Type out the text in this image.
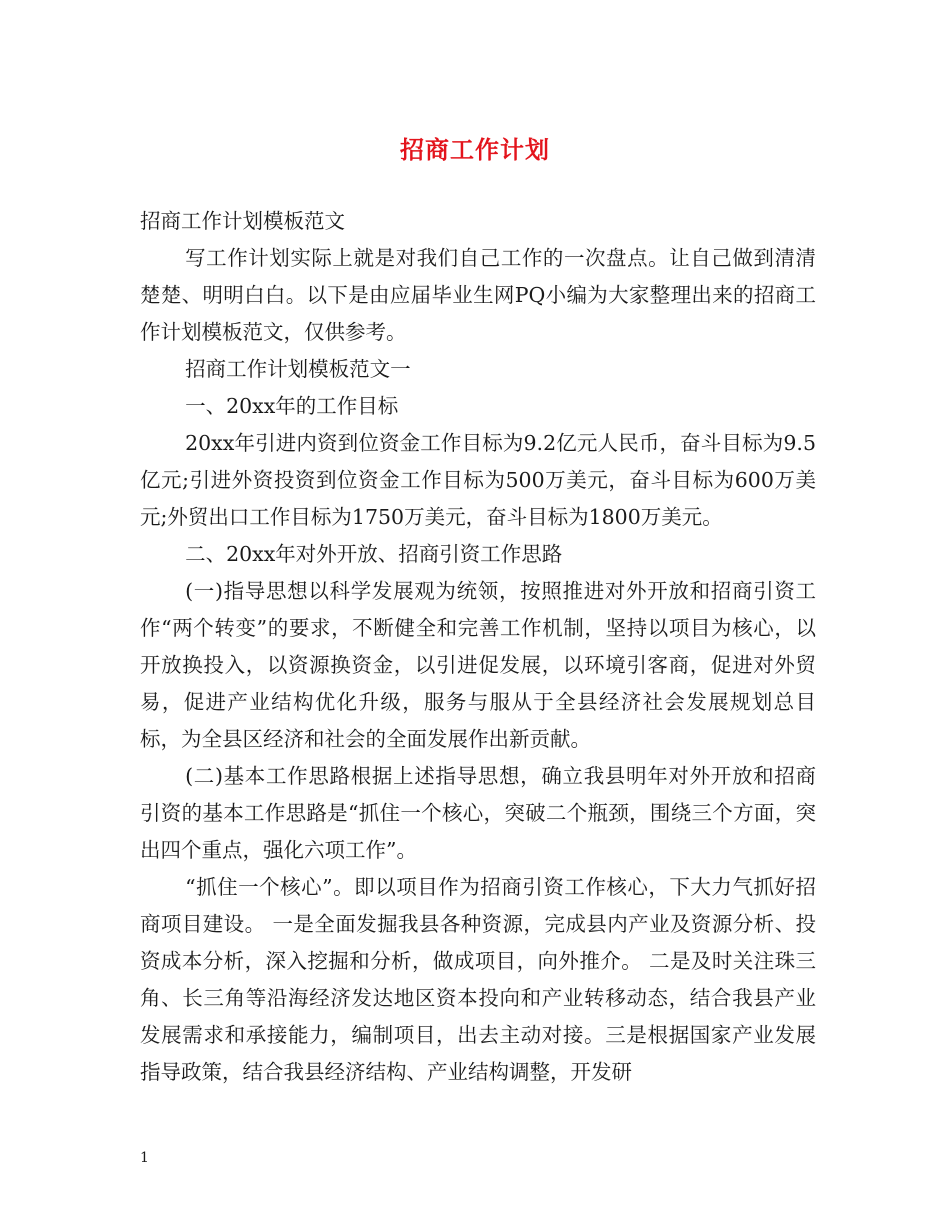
招商工作计划

招商工作计划模板范文

写工作计划实际上就是对我们自己工作的一次盘点。让自己做到清清楚楚、明明白白。以下是由应届毕业生网PQ小编为大家整理出来的招商工作计划模板范文，仅供参考。

招商工作计划模板范文一

一、20xx年的工作目标

20xx年引进内资到位资金工作目标为9.2亿元人民币，奋斗目标为9.5亿元;引进外资投资到位资金工作目标为500万美元，奋斗目标为600万美元;外贸出口工作目标为1750万美元，奋斗目标为1800万美元。

二、20xx年对外开放、招商引资工作思路

(一)指导思想以科学发展观为统领，按照推进对外开放和招商引资工作“两个转变”的要求，不断健全和完善工作机制，坚持以项目为核心，以开放换投入，以资源换资金，以引进促发展，以环境引客商，促进对外贸易，促进产业结构优化升级，服务与服从于全县经济社会发展规划总目标，为全县区经济和社会的全面发展作出新贡献。

(二)基本工作思路根据上述指导思想，确立我县明年对外开放和招商引资的基本工作思路是“抓住一个核心，突破二个瓶颈，围绕三个方面，突出四个重点，强化六项工作”。

“抓住一个核心”。即以项目作为招商引资工作核心，下大力气抓好招商项目建设。 一是全面发掘我县各种资源，完成县内产业及资源分析、投资成本分析，深入挖掘和分析，做成项目，向外推介。 二是及时关注珠三角、长三角等沿海经济发达地区资本投向和产业转移动态，结合我县产业发展需求和承接能力，编制项目，出去主动对接。三是根据国家产业发展指导政策，结合我县经济结构、产业结构调整，开发研

1
